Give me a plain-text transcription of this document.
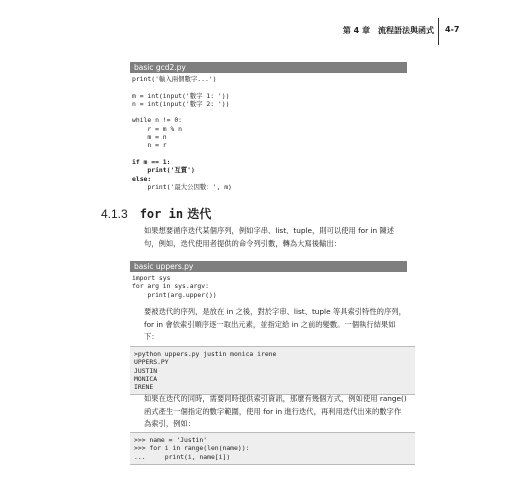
第 4 章　流程語法與函式	4-7
basic gcd2.py
print('輸入兩個數字...')

m = int(input('數字 1: '))
n = int(input('數字 2: '))

while n != 0:
r = m % n
m = n
n = r

if m == 1:
print('互質')
else:
print('最大公因數：', m)
4.1.3 for in 迭代
如果想要循序迭代某個序列，例如字串、list、tuple，則可以使用 for in 陳述句，例如，迭代使用者提供的命令列引數，轉為大寫後輸出：
basic uppers.py
import sys
for arg in sys.argv:
print(arg.upper())
要被迭代的序列，是放在 in 之後，對於字串、list、tuple 等具索引特性的序列，for in 會依索引順序逐一取出元素，並指定給 in 之前的變數。一個執行結果如下：
>python uppers.py justin monica irene
UPPERS.PY
JUSTIN
MONICA
IRENE
如果在迭代的同時，需要同時提供索引資訊，那麼有幾個方式，例如使用 range()函式產生一個指定的數字範圍，使用 for in 進行迭代，再利用迭代出來的數字作為索引，例如：
>>> name = 'Justin'
>>> for i in range(len(name)):
...     print(i, name[i])
